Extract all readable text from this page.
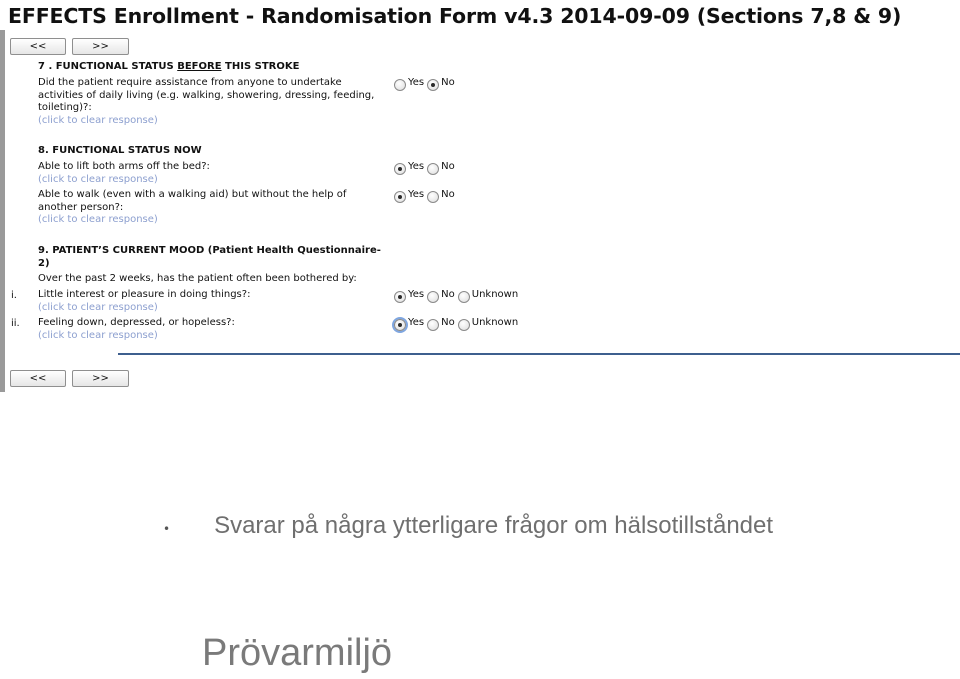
EFFECTS Enrollment - Randomisation Form v4.3 2014-09-09 (Sections 7,8 & 9)
<<	>>
7 . FUNCTIONAL STATUS BEFORE THIS STROKE
Did the patient require assistance from anyone to undertake activities of daily living (e.g. walking, showering, dressing, feeding, toileting)?:
(click to clear response)
Yes No
8. FUNCTIONAL STATUS NOW
Able to lift both arms off the bed?:
(click to clear response)
Yes No
Able to walk (even with a walking aid) but without the help of another person?:
(click to clear response)
Yes No
9. PATIENT’S CURRENT MOOD (Patient Health Questionnaire-2)
Over the past 2 weeks, has the patient often been bothered by:
i. Little interest or pleasure in doing things?:
(click to clear response)
Yes No Unknown
ii. Feeling down, depressed, or hopeless?:
(click to clear response)
Yes No Unknown
<<	>>
• Svarar på några ytterligare frågor om hälsotillståndet
Prövarmiljö
